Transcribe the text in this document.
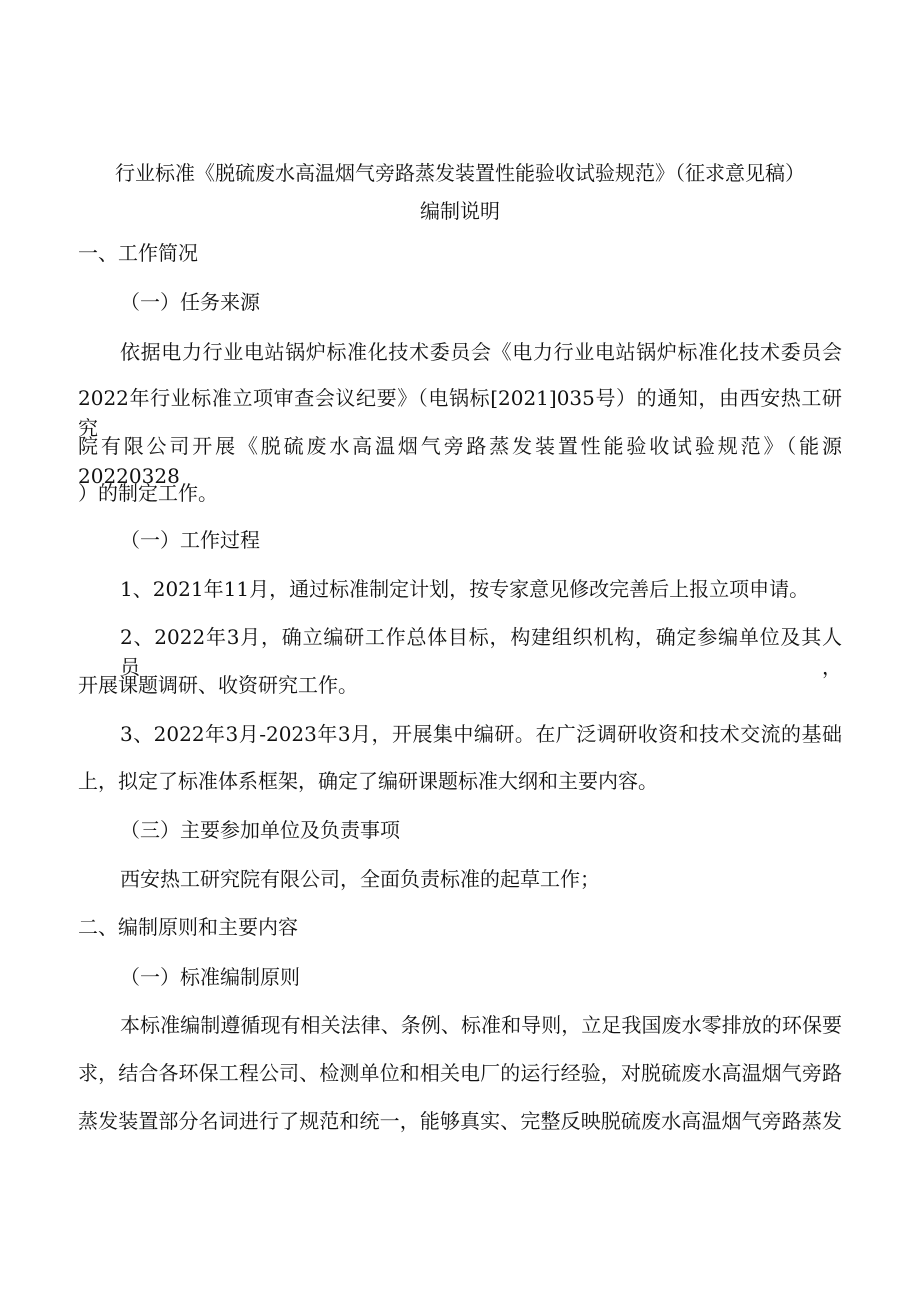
行业标准《脱硫废水高温烟气旁路蒸发装置性能验收试验规范》（征求意见稿）
编制说明
一、工作简况
（一）任务来源
依据电力行业电站锅炉标准化技术委员会《电力行业电站锅炉标准化技术委员会
2022年行业标准立项审查会议纪要》（电锅标[2021]035号）的通知，由西安热工研究
院有限公司开展《脱硫废水高温烟气旁路蒸发装置性能验收试验规范》（能源20220328
）的制定工作。
（一）工作过程
1、2021年11月，通过标准制定计划，按专家意见修改完善后上报立项申请。
2、2022年3月，确立编研工作总体目标，构建组织机构，确定参编单位及其人员，
开展课题调研、收资研究工作。
3、2022年3月-2023年3月，开展集中编研。在广泛调研收资和技术交流的基础
上，拟定了标准体系框架，确定了编研课题标准大纲和主要内容。
（三）主要参加单位及负责事项
西安热工研究院有限公司，全面负责标准的起草工作；
二、编制原则和主要内容
（一）标准编制原则
本标准编制遵循现有相关法律、条例、标准和导则，立足我国废水零排放的环保要
求，结合各环保工程公司、检测单位和相关电厂的运行经验，对脱硫废水高温烟气旁路
蒸发装置部分名词进行了规范和统一，能够真实、完整反映脱硫废水高温烟气旁路蒸发
